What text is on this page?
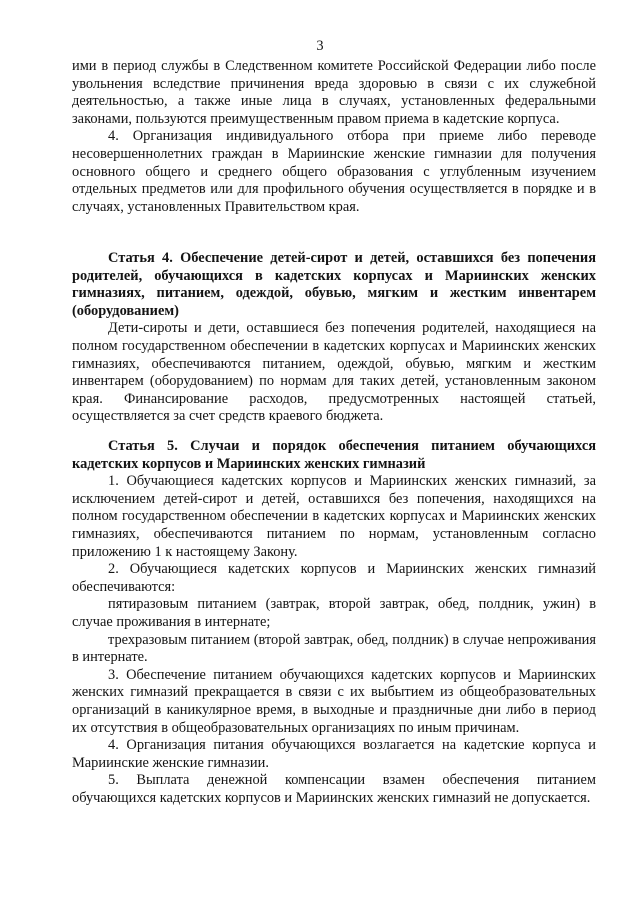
3

ими в период службы в Следственном комитете Российской Федерации либо после увольнения вследствие причинения вреда здоровью в связи с их служебной деятельностью, а также иные лица в случаях, установленных федеральными законами, пользуются преимущественным правом приема в кадетские корпуса.

4. Организация индивидуального отбора при приеме либо переводе несовершеннолетних граждан в Мариинские женские гимназии для получения основного общего и среднего общего образования с углубленным изучением отдельных предметов или для профильного обучения осуществляется в порядке и в случаях, установленных Правительством края.

Статья 4. Обеспечение детей-сирот и детей, оставшихся без попечения родителей, обучающихся в кадетских корпусах и Мариинских женских гимназиях, питанием, одеждой, обувью, мягким и жестким инвентарем (оборудованием)

Дети-сироты и дети, оставшиеся без попечения родителей, находящиеся на полном государственном обеспечении в кадетских корпусах и Мариинских женских гимназиях, обеспечиваются питанием, одеждой, обувью, мягким и жестким инвентарем (оборудованием) по нормам для таких детей, установленным законом края. Финансирование расходов, предусмотренных настоящей статьей, осуществляется за счет средств краевого бюджета.

Статья 5. Случаи и порядок обеспечения питанием обучающихся кадетских корпусов и Мариинских женских гимназий

1. Обучающиеся кадетских корпусов и Мариинских женских гимназий, за исключением детей-сирот и детей, оставшихся без попечения, находящихся на полном государственном обеспечении в кадетских корпусах и Мариинских женских гимназиях, обеспечиваются питанием по нормам, установленным согласно приложению 1 к настоящему Закону.

2. Обучающиеся кадетских корпусов и Мариинских женских гимназий обеспечиваются:

пятиразовым питанием (завтрак, второй завтрак, обед, полдник, ужин) в случае проживания в интернате;

трехразовым питанием (второй завтрак, обед, полдник) в случае непроживания в интернате.

3. Обеспечение питанием обучающихся кадетских корпусов и Мариинских женских гимназий прекращается в связи с их выбытием из общеобразовательных организаций в каникулярное время, в выходные и праздничные дни либо в период их отсутствия в общеобразовательных организациях по иным причинам.

4. Организация питания обучающихся возлагается на кадетские корпуса и Мариинские женские гимназии.

5. Выплата денежной компенсации взамен обеспечения питанием обучающихся кадетских корпусов и Мариинских женских гимназий не допускается.
